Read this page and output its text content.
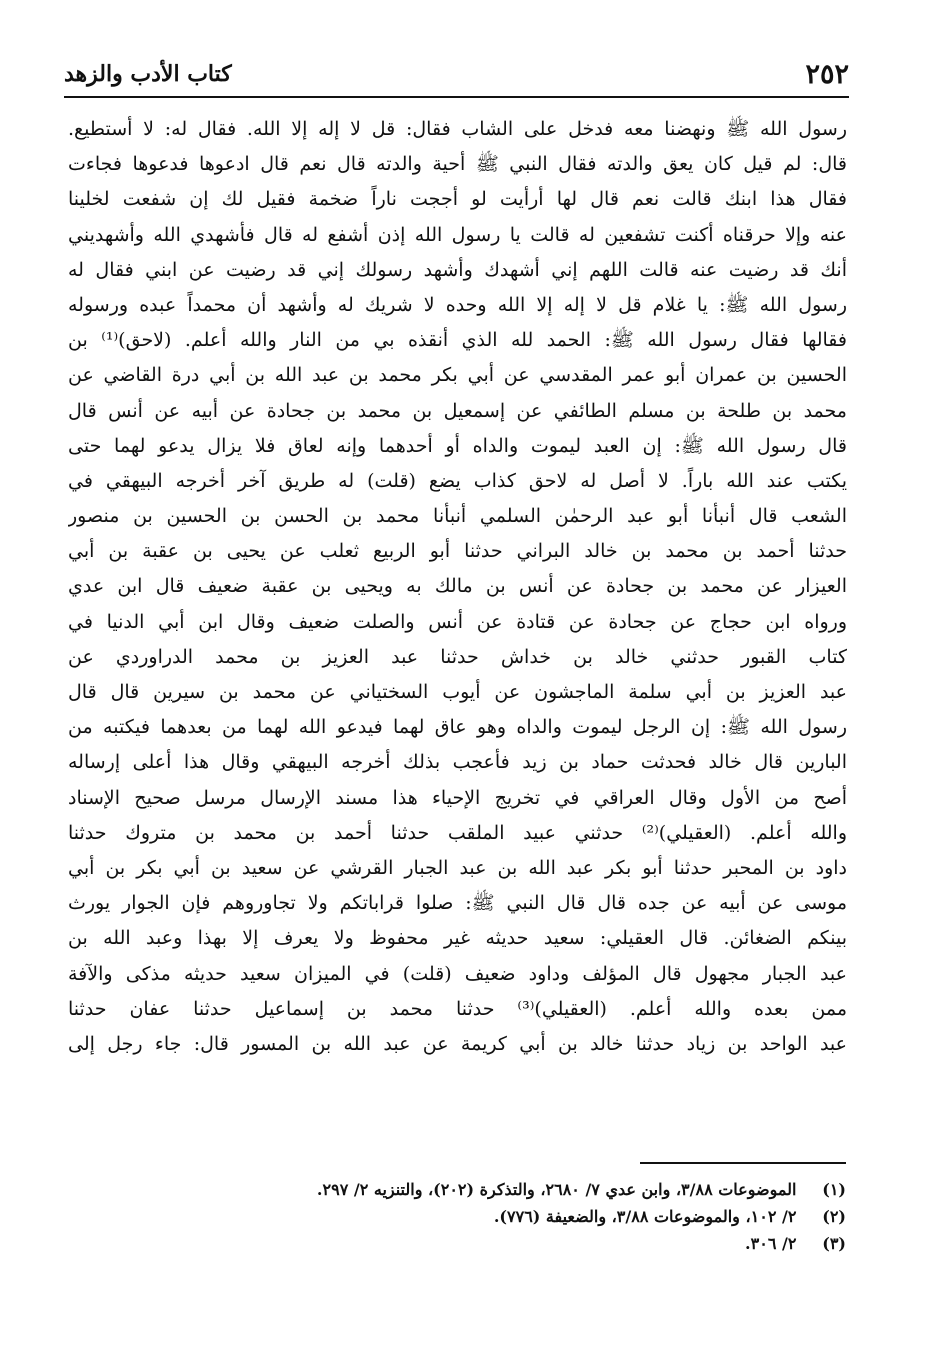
٢٥٢
كتاب الأدب والزهد
رسول الله ﷺ ونهضنا معه فدخل على الشاب فقال: قل لا إله إلا الله. فقال له: لا أستطيع.
قال: لم قيل كان يعق والدته فقال النبي ﷺ أحية والدته قال نعم قال ادعوها فدعوها فجاءت
فقال هذا ابنك قالت نعم قال لها أرأيت لو أججت ناراً ضخمة فقيل لك إن شفعت لخلينا
عنه وإلا حرقناه أكنت تشفعين له قالت يا رسول الله إذن أشفع له قال فأشهدي الله وأشهديني
أنك قد رضيت عنه قالت اللهم إني أشهدك وأشهد رسولك إني قد رضيت عن ابني فقال له
رسول الله ﷺ: يا غلام قل لا إله إلا الله وحده لا شريك له وأشهد أن محمداً عبده ورسوله
فقالها فقال رسول الله ﷺ: الحمد لله الذي أنقذه بي من النار والله أعلم. (لاحق)⁽¹⁾ بن
الحسين بن عمران أبو عمر المقدسي عن أبي بكر محمد بن عبد الله بن أبي درة القاضي عن
محمد بن طلحة بن مسلم الطائفي عن إسمعيل بن محمد بن جحادة عن أبيه عن أنس قال
قال رسول الله ﷺ: إن العبد ليموت والداه أو أحدهما وإنه لعاق فلا يزال يدعو لهما حتى
يكتب عند الله باراً. لا أصل له لاحق كذاب يضع (قلت) له طريق آخر أخرجه البيهقي في
الشعب قال أنبأنا أبو عبد الرحمٰن السلمي أنبأنا محمد بن الحسن بن الحسين بن منصور
حدثنا أحمد بن محمد بن خالد البراني حدثنا أبو الربيع ثعلب عن يحيى بن عقبة بن أبي
العيزار عن محمد بن جحادة عن أنس بن مالك به ويحيى بن عقبة ضعيف قال ابن عدي
ورواه ابن حجاج عن جحادة عن قتادة عن أنس والصلت ضعيف وقال ابن أبي الدنيا في
كتاب القبور حدثني خالد بن خداش حدثنا عبد العزيز بن محمد الدراوردي عن
عبد العزيز بن أبي سلمة الماجشون عن أيوب السختياني عن محمد بن سيرين قال قال
رسول الله ﷺ: إن الرجل ليموت والداه وهو عاق لهما فيدعو الله لهما من بعدهما فيكتبه من
البارين قال خالد فحدثت حماد بن زيد فأعجب بذلك أخرجه البيهقي وقال هذا أعلى إرساله
أصح من الأول وقال العراقي في تخريج الإحياء هذا مسند الإرسال مرسل صحيح الإسناد
والله أعلم. (العقيلي)⁽²⁾ حدثني عبيد الملقب حدثنا أحمد بن محمد بن متروك حدثنا
داود بن المحبر حدثنا أبو بكر عبد الله بن عبد الجبار القرشي عن سعيد بن أبي بكر بن أبي
موسى عن أبيه عن جده قال قال النبي ﷺ: صلوا قراباتكم ولا تجاوروهم فإن الجوار يورث
بينكم الضغائن. قال العقيلي: سعيد حديثه غير محفوظ ولا يعرف إلا بهذا وعبد الله بن
عبد الجبار مجهول قال المؤلف وداود ضعيف (قلت) في الميزان سعيد حديثه مذكى والآفة
ممن بعده والله أعلم. (العقيلي)⁽³⁾ حدثنا محمد بن إسماعيل حدثنا عفان حدثنا
عبد الواحد بن زياد حدثنا خالد بن أبي كريمة عن عبد الله بن المسور قال: جاء رجل إلى
(١) الموضوعات ٣/٨٨، وابن عدي ٧/ ٢٦٨٠، والتذكرة (٢٠٢)، والتنزيه ٢/ ٢٩٧.
(٢) ٢/ ١٠٢، والموضوعات ٣/٨٨، والضعيفة (٧٧٦).
(٣) ٢/ ٣٠٦.
